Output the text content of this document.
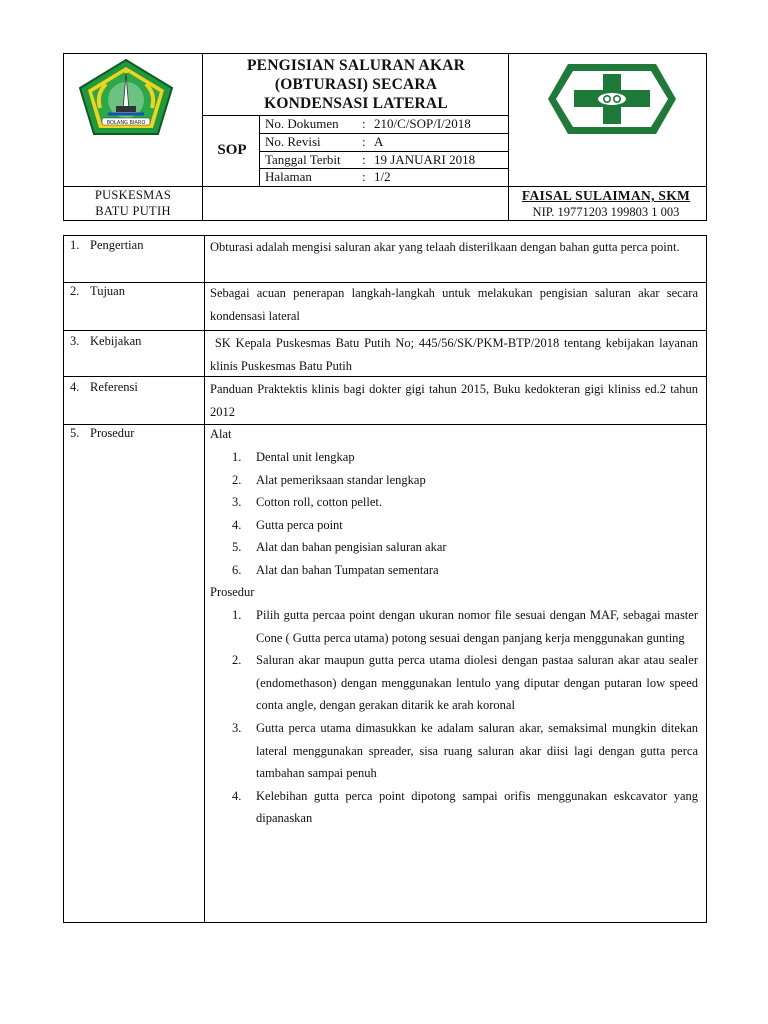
BOLANG BIARO
PENGISIAN SALURAN AKAR
(OBTURASI) SECARA
KONDENSASI LATERAL
SOP
No. Dokumen : 210/C/SOP/I/2018
No. Revisi	: A
Tanggal Terbit : 19 JANUARI 2018
Halaman	: 1/2
PUSKESMAS
BATU PUTIH
FAISAL SULAIMAN, SKM
NIP. 19771203 199803 1 003
1. Pengertian	Obturasi adalah mengisi saluran akar yang telaah disterilkaan dengan bahan gutta perca point.
2. Tujuan	Sebagai acuan penerapan langkah-langkah untuk melakukan pengisian saluran akar secara kondensasi lateral
3. Kebijakan	SK Kepala Puskesmas Batu Putih No; 445/56/SK/PKM-BTP/2018 tentang kebijakan layanan klinis Puskesmas Batu Putih
4. Referensi	Panduan Praktektis klinis bagi dokter gigi tahun 2015, Buku kedokteran gigi kliniss ed.2 tahun 2012
5. Prosedur	Alat
1. Dental unit lengkap
2. Alat pemeriksaan standar lengkap
3. Cotton roll, cotton pellet.
4. Gutta perca point
5. Alat dan bahan pengisian saluran akar
6. Alat dan bahan Tumpatan sementara
Prosedur
1. Pilih gutta percaa point dengan ukuran nomor file sesuai dengan MAF, sebagai master Cone ( Gutta perca utama) potong sesuai dengan panjang kerja menggunakan gunting
2. Saluran akar maupun gutta perca utama diolesi dengan pastaa saluran akar atau sealer (endomethason) dengan menggunakan lentulo yang diputar dengan putaran low speed conta angle, dengan gerakan ditarik ke arah koronal
3. Gutta perca utama dimasukkan ke adalam saluran akar, semaksimal mungkin ditekan lateral menggunakan spreader, sisa ruang saluran akar diisi lagi dengan gutta perca tambahan sampai penuh
4. Kelebihan gutta perca point dipotong sampai orifis menggunakan eskcavator yang dipanaskan
